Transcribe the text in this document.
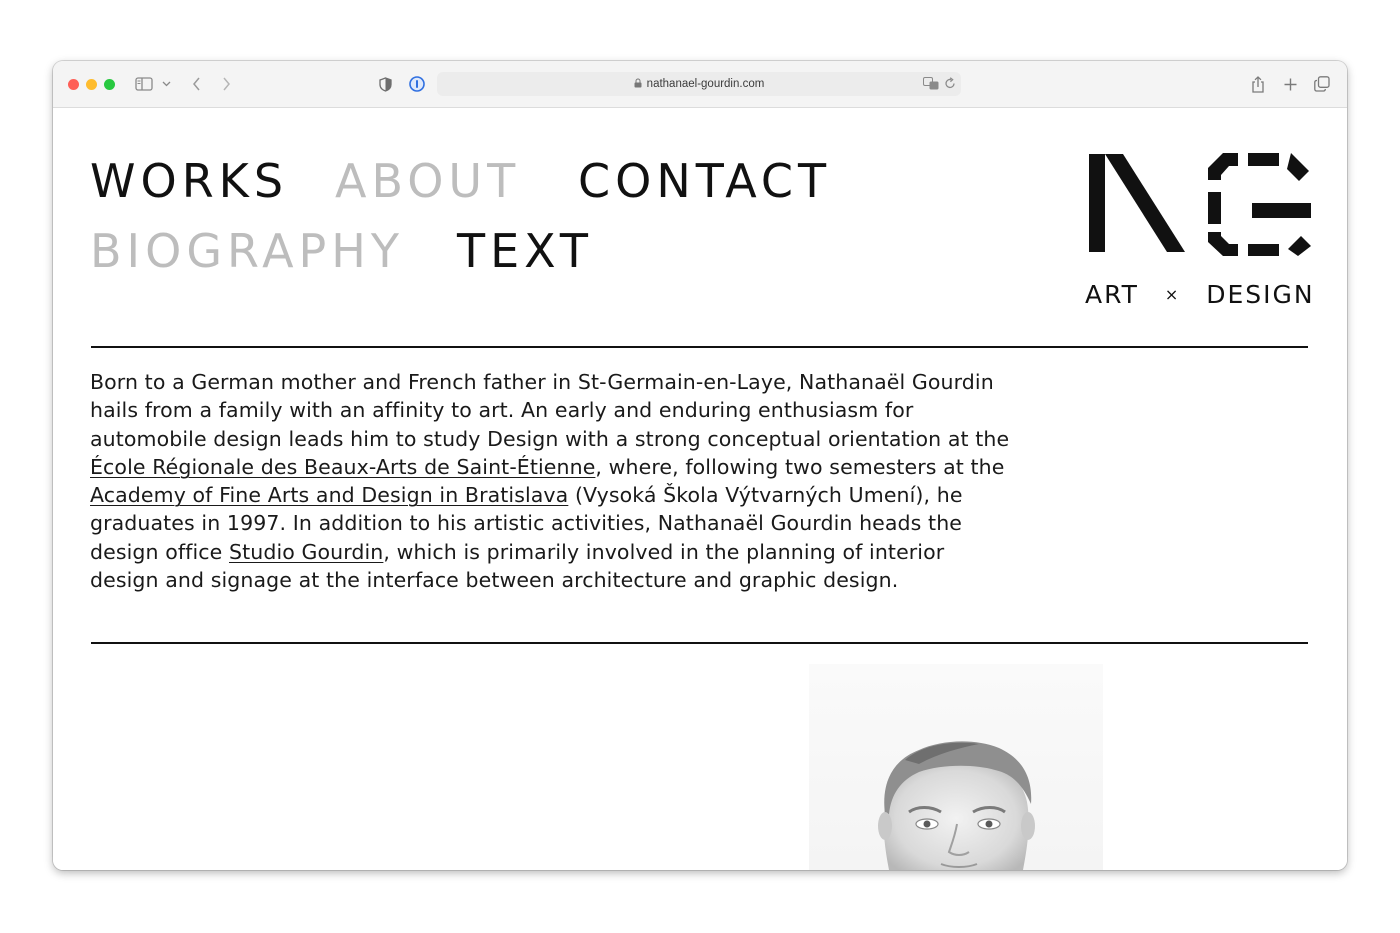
nathanael-gourdin.com
WORKS ABOUT CONTACT
BIOGRAPHY TEXT
ART × DESIGN

Born to a German mother and French father in St-Germain-en-Laye, Nathanaël Gourdin hails from a family with an affinity to art. An early and enduring enthusiasm for automobile design leads him to study Design with a strong conceptual orientation at the École Régionale des Beaux-Arts de Saint-Étienne, where, following two semesters at the Academy of Fine Arts and Design in Bratislava (Vysoká Škola Výtvarných Umení), he graduates in 1997. In addition to his artistic activities, Nathanaël Gourdin heads the design office Studio Gourdin, which is primarily involved in the planning of interior design and signage at the interface between architecture and graphic design.
